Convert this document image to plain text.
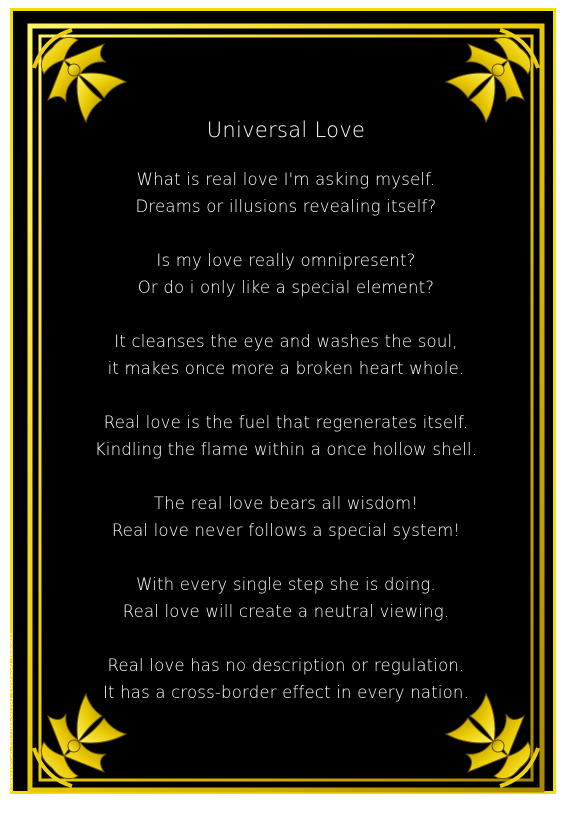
Universal Love
What is real love I'm asking myself.
Dreams or illusions revealing itself?
Is my love really omnipresent?
Or do i only like a special element?
It cleanses the eye and washes the soul,
it makes once more a broken heart whole.
Real love is the fuel that regenerates itself.
Kindling the flame within a once hollow shell.
The real love bears all wisdom!
Real love never follows a special system!
With every single step she is doing.
Real love will create a neutral viewing.
Real love has no description or regulation.
It has a cross-border effect in every nation.
Authors: Amazona, KiBLS, Izzari
Source: kibls.neocities.org/en/book8.html#poem16, License: https://creativecommons.org/licenses/by-sa/4.0/
